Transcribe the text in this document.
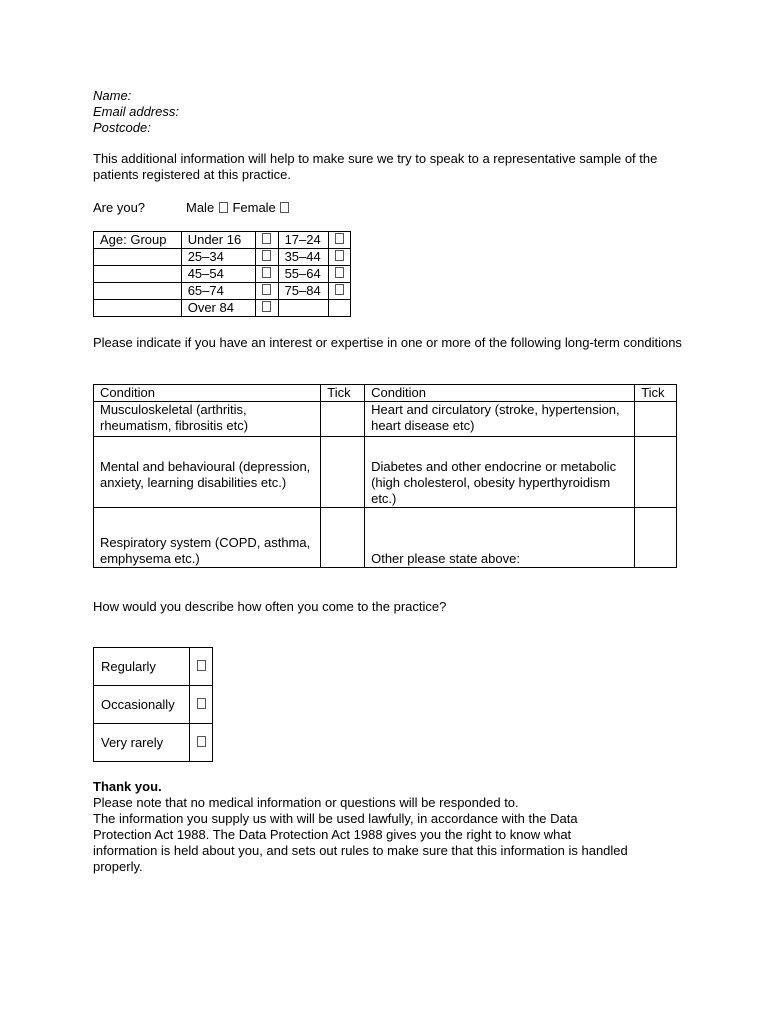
Name:

Email address:

Postcode:

This additional information will help to make sure we try to speak to a representative sample of the patients registered at this practice.

Are you?	Male Female
Age: Group	Under 16		17–24	
	25–34		35–44	
	45–54		55–64	
	65–74		75–84	
	Over 84			

Please indicate if you have an interest or expertise in one or more of the following long-term conditions

Condition	Tick	Condition	Tick
Musculoskeletal (arthritis, rheumatism, fibrositis etc)		Heart and circulatory (stroke, hypertension, heart disease etc)	
Mental and behavioural (depression, anxiety, learning disabilities etc.)		Diabetes and other endocrine or metabolic (high cholesterol, obesity hyperthyroidism etc.)	
Respiratory system (COPD, asthma, emphysema etc.)		Other please state above:	

How would you describe how often you come to the practice?

Regularly	
Occasionally	
Very rarely	

Thank you.

Please note that no medical information or questions will be responded to.

The information you supply us with will be used lawfully, in accordance with the Data Protection Act 1988. The Data Protection Act 1988 gives you the right to know what information is held about you, and sets out rules to make sure that this information is handled properly.
